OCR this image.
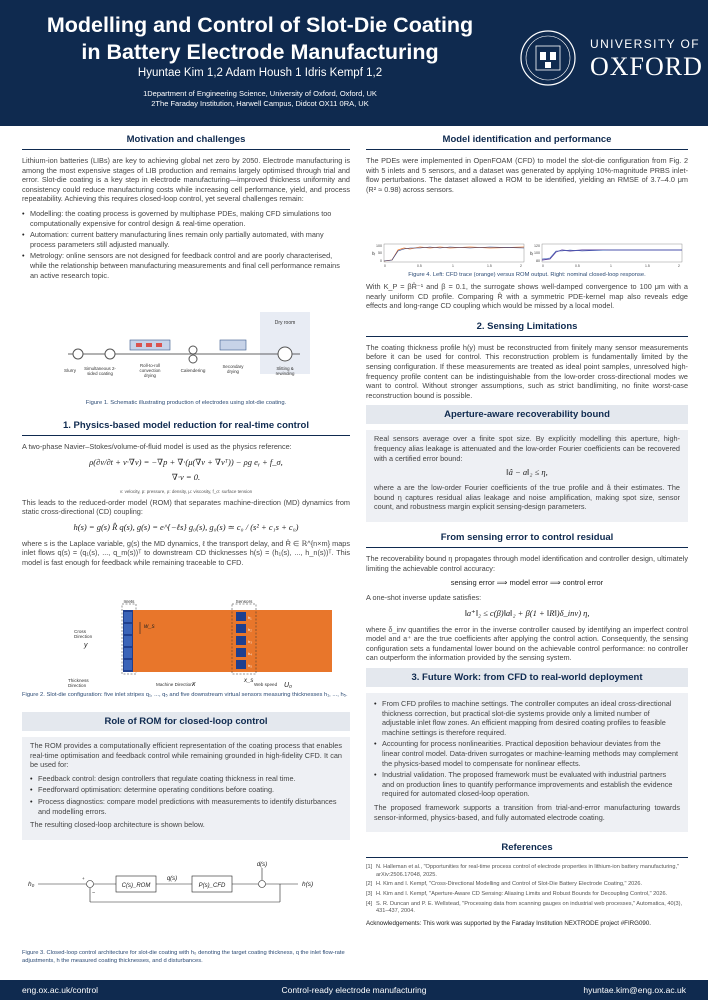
Modelling and Control of Slot-Die Coating
in Battery Electrode Manufacturing
Hyuntae Kim 1,2 Adam Housh 1 Idris Kempf 1,2
1Department of Engineering Science, University of Oxford, Oxford, UK
2The Faraday Institution, Harwell Campus, Didcot OX11 0RA, UK
UNIVERSITY OF
OXFORD
Motivation and challenges

Lithium-ion batteries (LIBs) are key to achieving global net zero by 2050. Electrode manufacturing is among the most expensive stages of LIB production and remains largely optimised through trial and error. Slot-die coating is a key step in electrode manufacturing—improved thickness uniformity and consistency could reduce manufacturing costs while increasing cell performance, yield, and process repeatability. Achieving this requires closed-loop control, yet several challenges remain:

• Modelling: the coating process is governed by multiphase PDEs, making CFD simulations too computationally expensive for control design & real-time operation.
• Automation: current battery manufacturing lines remain only partially automated, with many process parameters still adjusted manually.
• Metrology: online sensors are not designed for feedback control and are poorly characterised, while the relationship between manufacturing measurements and final cell performance remains an active research topic.
Dry room
Slurry Simultaneous 2-
sided coating
Roll-to-roll
convection
drying
Calendering
Secondary
drying
Slitting &
rewinding
Figure 1. Schematic illustrating production of electrodes using slot-die coating.
1. Physics-based model reduction for real-time control

A two-phase Navier–Stokes/volume-of-fluid model is used as the physics reference:

ρ(∂v/∂t + v·∇v) = −∇p + ∇·(μ(∇v + ∇vᵀ)) − ρg eᵧ + f_σ,
∇·v = 0.
v: velocity, p: pressure, ρ: density, μ: viscosity, f_σ: surface tension

This leads to the reduced-order model (ROM) that separates machine-direction (MD) dynamics from static cross-directional (CD) coupling:

h(s) = g(s) R̂ q(s), g(s) = e^{−ℓs} g₀(s), g₀(s) ≃ c₀ / (s² + c₁s + c₀)

where s is the Laplace variable, g(s) the MD dynamics, ℓ the transport delay, and R̂ ∈ ℝ^{n×m} maps inlet flows q(s) = (q₁(s), ..., q_m(s))ᵀ to downstream CD thicknesses h(s) = (h₁(s), ..., h_n(s))ᵀ. This model is fast enough for feedback while remaining traceable to CFD.

Inlets	Sensors
h₁
h₂
h₃
h₄
h₅
w_s
Cross
Direction
y
Thickness
Direction	Machine Direction x	x_s
Web speed U₀
Figure 2. Slot-die configuration: five inlet stripes q₁, ..., q₅ and five downstream virtual sensors measuring thicknesses h₁, ..., h₅.
Role of ROM for closed-loop control

The ROM provides a computationally efficient representation of the coating process that enables real-time optimisation and feedback control while remaining grounded in high-fidelity CFD. It can be used for:

• Feedback control: design controllers that regulate coating thickness in real time.
• Feedforward optimisation: determine operating conditions before coating.
• Process diagnostics: compare model predictions with measurements to identify disturbances and modelling errors.

The resulting closed-loop architecture is shown below.

h₀
+
−
C(s)_ROM
q(s)
P(s)_CFD
d(s)
h(s)
Figure 3. Closed-loop control architecture for slot-die coating with h₀ denoting the target coating thickness, q the inlet flow-rate adjustments, h the measured coating thicknesses, and d disturbances.
Model identification and performance

The PDEs were implemented in OpenFOAM (CFD) to model the slot-die configuration from Fig. 2 with 5 inlets and 5 sensors, and a dataset was generated by applying 10%-magnitude PRBS inlet-flow perturbations. The dataset allowed a ROM to be identified, yielding an RMSE of 3.7–4.0 μm (R² ≈ 0.98) across sensors.

hᵢ
100
50
0
0	0.5	1	1.5	2
hᵢ
120
100
80
0	0.5	1	1.5	2
Figure 4. Left: CFD trace (orange) versus ROM output. Right: nominal closed-loop response.

With K_P = βR̂⁻¹ and β = 0.1, the surrogate shows well-damped convergence to 100 μm with a nearly uniform CD profile. Comparing R̂ with a symmetric PDE-kernel map also reveals edge effects and long-range CD coupling which would be missed by a local model.

2. Sensing Limitations

The coating thickness profile h(y) must be reconstructed from finitely many sensor measurements before it can be used for control. This reconstruction problem is fundamentally limited by the sensing configuration. If these measurements are treated as ideal point samples, unresolved high-frequency profile content can be indistinguishable from the low-order cross-directional modes we want to control. Without stronger assumptions, such as strict bandlimiting, no finite worst-case reconstruction bound is possible.

Aperture-aware recoverability bound

Real sensors average over a finite spot size. By explicitly modelling this aperture, high-frequency alias leakage is attenuated and the low-order Fourier coefficients can be recovered with a certified error bound:

‖â − a‖₂ ≤ η,

where a are the low-order Fourier coefficients of the true profile and â their estimates. The bound η captures residual alias leakage and noise amplification, making spot size, sensor count, and robustness margin explicit sensing-design parameters.

From sensing error to control residual

The recoverability bound η propagates through model identification and controller design, ultimately limiting the achievable control accuracy:

sensing error ⟹ model error ⟹ control error

A one-shot inverse update satisfies:

‖a⁺‖₂ ≤ c(β)‖a‖₂ + β(1 + ‖R‖)δ_inv) η,

where δ_inv quantifies the error in the inverse controller caused by identifying an imperfect control model and a⁺ are the true coefficients after applying the control action. Consequently, the sensing configuration sets a fundamental lower bound on the achievable control performance: no controller can outperform the information provided by the sensing system.

3. Future Work: from CFD to real-world deployment
• From CFD profiles to machine settings. The controller computes an ideal cross-directional thickness correction, but practical slot-die systems provide only a limited number of adjustable inlet flow zones. An efficient mapping from desired coating profiles to feasible machine settings is therefore required.
• Accounting for process nonlinearities. Practical deposition behaviour deviates from the linear control model. Data-driven surrogates or machine-learning methods may complement the physics-based model to compensate for nonlinear effects.
• Industrial validation. The proposed framework must be evaluated with industrial partners and on production lines to quantify performance improvements and establish the evidence required for automated closed-loop operation.

The proposed framework supports a transition from trial-and-error manufacturing towards sensor-informed, physics-based, and fully automated electrode coating.

References
[1] N. Halleman et al., "Opportunities for real-time process control of electrode properties in lithium-ion battery manufacturing," arXiv:2506.17048, 2025.
[2] H. Kim and I. Kempf, "Cross-Directional Modelling and Control of Slot-Die Battery Electrode Coating," 2026.
[3] H. Kim and I. Kempf, "Aperture-Aware CD Sensing: Aliasing Limits and Robust Bounds for Decoupling Control," 2026.
[4] S. R. Duncan and P. E. Wellstead, "Processing data from scanning gauges on industrial web processes," Automatica, 40(3), 431–437, 2004.
Acknowledgements: This work was supported by the Faraday Institution NEXTRODE project #FIRG090.
eng.ox.ac.uk/control	Control-ready electrode manufacturing	hyuntae.kim@eng.ox.ac.uk
